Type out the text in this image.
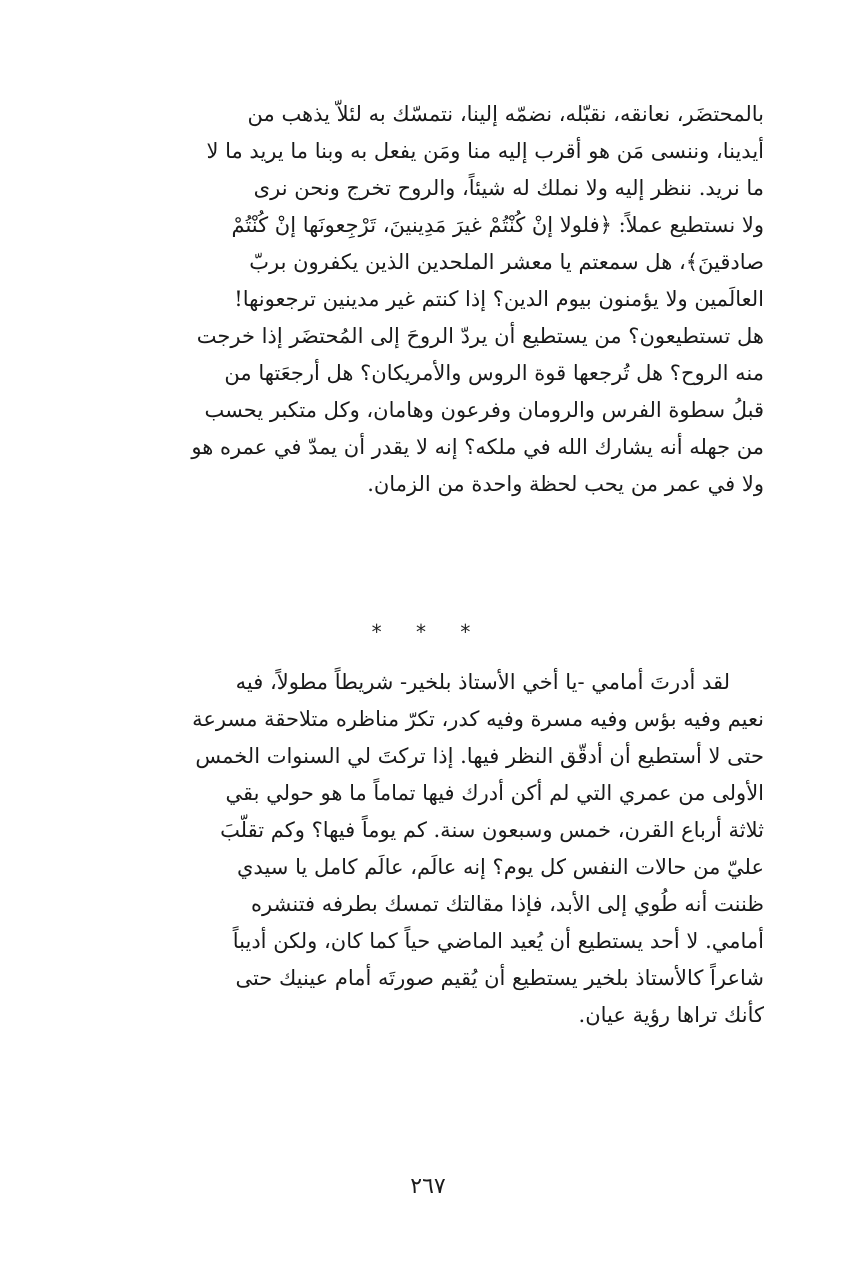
بالمحتضَر، نعانقه، نقبّله، نضمّه إلينا، نتمسّك به لئلاّ يذهب من
أيدينا، وننسى مَن هو أقرب إليه منا ومَن يفعل به وبنا ما يريد ما لا
ما نريد. ننظر إليه ولا نملك له شيئاً، والروح تخرج ونحن نرى
ولا نستطيع عملاً: ﴿فلولا إنْ كُنْتُمْ غيرَ مَدِينينَ، تَرْجِعونَها إنْ كُنْتُمْ
صادقينَ﴾، هل سمعتم يا معشر الملحدين الذين يكفرون بربّ
العالَمين ولا يؤمنون بيوم الدين؟ إذا كنتم غير مدينين ترجعونها!
هل تستطيعون؟ من يستطيع أن يردّ الروحَ إلى المُحتضَر إذا خرجت
منه الروح؟ هل تُرجعها قوة الروس والأمريكان؟ هل أرجعَتها من
قبلُ سطوة الفرس والرومان وفرعون وهامان، وكل متكبر يحسب
من جهله أنه يشارك الله في ملكه؟ إنه لا يقدر أن يمدّ في عمره هو
ولا في عمر من يحب لحظة واحدة من الزمان.
* * *
لقد أدرتَ أمامي -يا أخي الأستاذ بلخير- شريطاً مطولاً، فيه
نعيم وفيه بؤس وفيه مسرة وفيه كدر، تكرّ مناظره متلاحقة مسرعة
حتى لا أستطيع أن أدقّق النظر فيها. إذا تركتَ لي السنوات الخمس
الأولى من عمري التي لم أكن أدرك فيها تماماً ما هو حولي بقي
ثلاثة أرباع القرن، خمس وسبعون سنة. كم يوماً فيها؟ وكم تقلّبَ
عليّ من حالات النفس كل يوم؟ إنه عالَم، عالَم كامل يا سيدي
ظننت أنه طُوي إلى الأبد، فإذا مقالتك تمسك بطرفه فتنشره
أمامي. لا أحد يستطيع أن يُعيد الماضي حياً كما كان، ولكن أديباً
شاعراً كالأستاذ بلخير يستطيع أن يُقيم صورتَه أمام عينيك حتى
كأنك تراها رؤية عيان.
٢٦٧
